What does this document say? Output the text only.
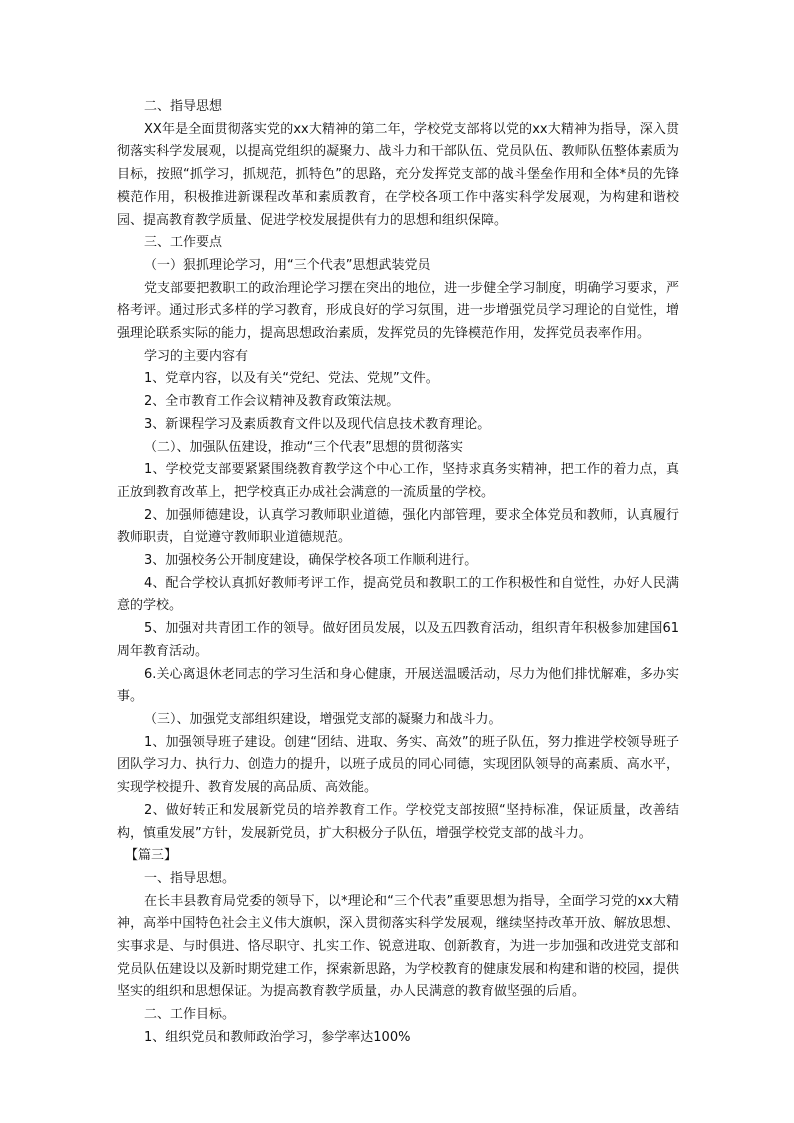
二、指导思想

XX年是全面贯彻落实党的xx大精神的第二年，学校党支部将以党的xx大精神为指导，深入贯彻落实科学发展观，以提高党组织的凝聚力、战斗力和干部队伍、党员队伍、教师队伍整体素质为目标，按照“抓学习，抓规范，抓特色”的思路，充分发挥党支部的战斗堡垒作用和全体*员的先锋模范作用，积极推进新课程改革和素质教育，在学校各项工作中落实科学发展观，为构建和谐校园、提高教育教学质量、促进学校发展提供有力的思想和组织保障。

三、工作要点

（一）狠抓理论学习，用“三个代表”思想武装党员

党支部要把教职工的政治理论学习摆在突出的地位，进一步健全学习制度，明确学习要求，严格考评。通过形式多样的学习教育，形成良好的学习氛围，进一步增强党员学习理论的自觉性，增强理论联系实际的能力，提高思想政治素质，发挥党员的先锋模范作用，发挥党员表率作用。

学习的主要内容有

1、党章内容，以及有关“党纪、党法、党规”文件。

2、全市教育工作会议精神及教育政策法规。

3、新课程学习及素质教育文件以及现代信息技术教育理论。

（二）、加强队伍建设，推动“三个代表”思想的贯彻落实

1、学校党支部要紧紧围绕教育教学这个中心工作，坚持求真务实精神，把工作的着力点，真正放到教育改革上，把学校真正办成社会满意的一流质量的学校。

2、加强师德建设，认真学习教师职业道德，强化内部管理，要求全体党员和教师，认真履行教师职责，自觉遵守教师职业道德规范。

3、加强校务公开制度建设，确保学校各项工作顺利进行。

4、配合学校认真抓好教师考评工作，提高党员和教职工的工作积极性和自觉性，办好人民满意的学校。

5、加强对共青团工作的领导。做好团员发展，以及五四教育活动，组织青年积极参加建国61周年教育活动。

6.关心离退休老同志的学习生活和身心健康，开展送温暖活动，尽力为他们排忧解难，多办实事。

（三）、加强党支部组织建设，增强党支部的凝聚力和战斗力。

1、加强领导班子建设。创建“团结、进取、务实、高效”的班子队伍，努力推进学校领导班子团队学习力、执行力、创造力的提升，以班子成员的同心同德，实现团队领导的高素质、高水平，实现学校提升、教育发展的高品质、高效能。

2、做好转正和发展新党员的培养教育工作。学校党支部按照“坚持标准，保证质量，改善结构，慎重发展”方针，发展新党员，扩大积极分子队伍，增强学校党支部的战斗力。

【篇三】

一、指导思想。

在长丰县教育局党委的领导下，以*理论和“三个代表”重要思想为指导，全面学习党的xx大精神，高举中国特色社会主义伟大旗帜，深入贯彻落实科学发展观，继续坚持改革开放、解放思想、实事求是、与时俱进、恪尽职守、扎实工作、锐意进取、创新教育，为进一步加强和改进党支部和党员队伍建设以及新时期党建工作，探索新思路，为学校教育的健康发展和构建和谐的校园，提供坚实的组织和思想保证。为提高教育教学质量，办人民满意的教育做坚强的后盾。

二、工作目标。

1、组织党员和教师政治学习，参学率达100%
